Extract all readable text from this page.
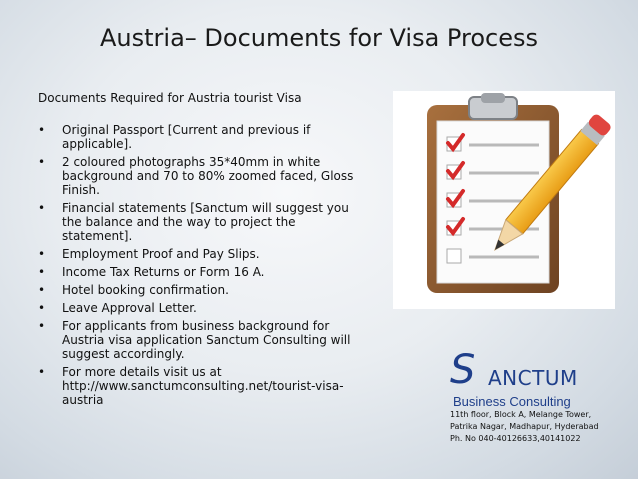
Austria– Documents for Visa Process
Documents Required for Austria tourist Visa
• Original Passport [Current and previous if applicable].
• 2 coloured photographs 35*40mm in white background and 70 to 80% zoomed faced, Gloss Finish.
• Financial statements [Sanctum will suggest you the balance and the way to project the statement].
• Employment Proof and Pay Slips.
• Income Tax Returns or Form 16 A.
• Hotel booking confirmation.
• Leave Approval Letter.
• For applicants from business background for Austria visa application Sanctum Consulting will suggest accordingly.
• For more details visit us at http://www.sanctumconsulting.net/tourist-visa-austria
S ANCTUM
Business Consulting
11th floor, Block A, Melange Tower,
Patrika Nagar, Madhapur, Hyderabad
Ph. No 040-40126633,40141022
